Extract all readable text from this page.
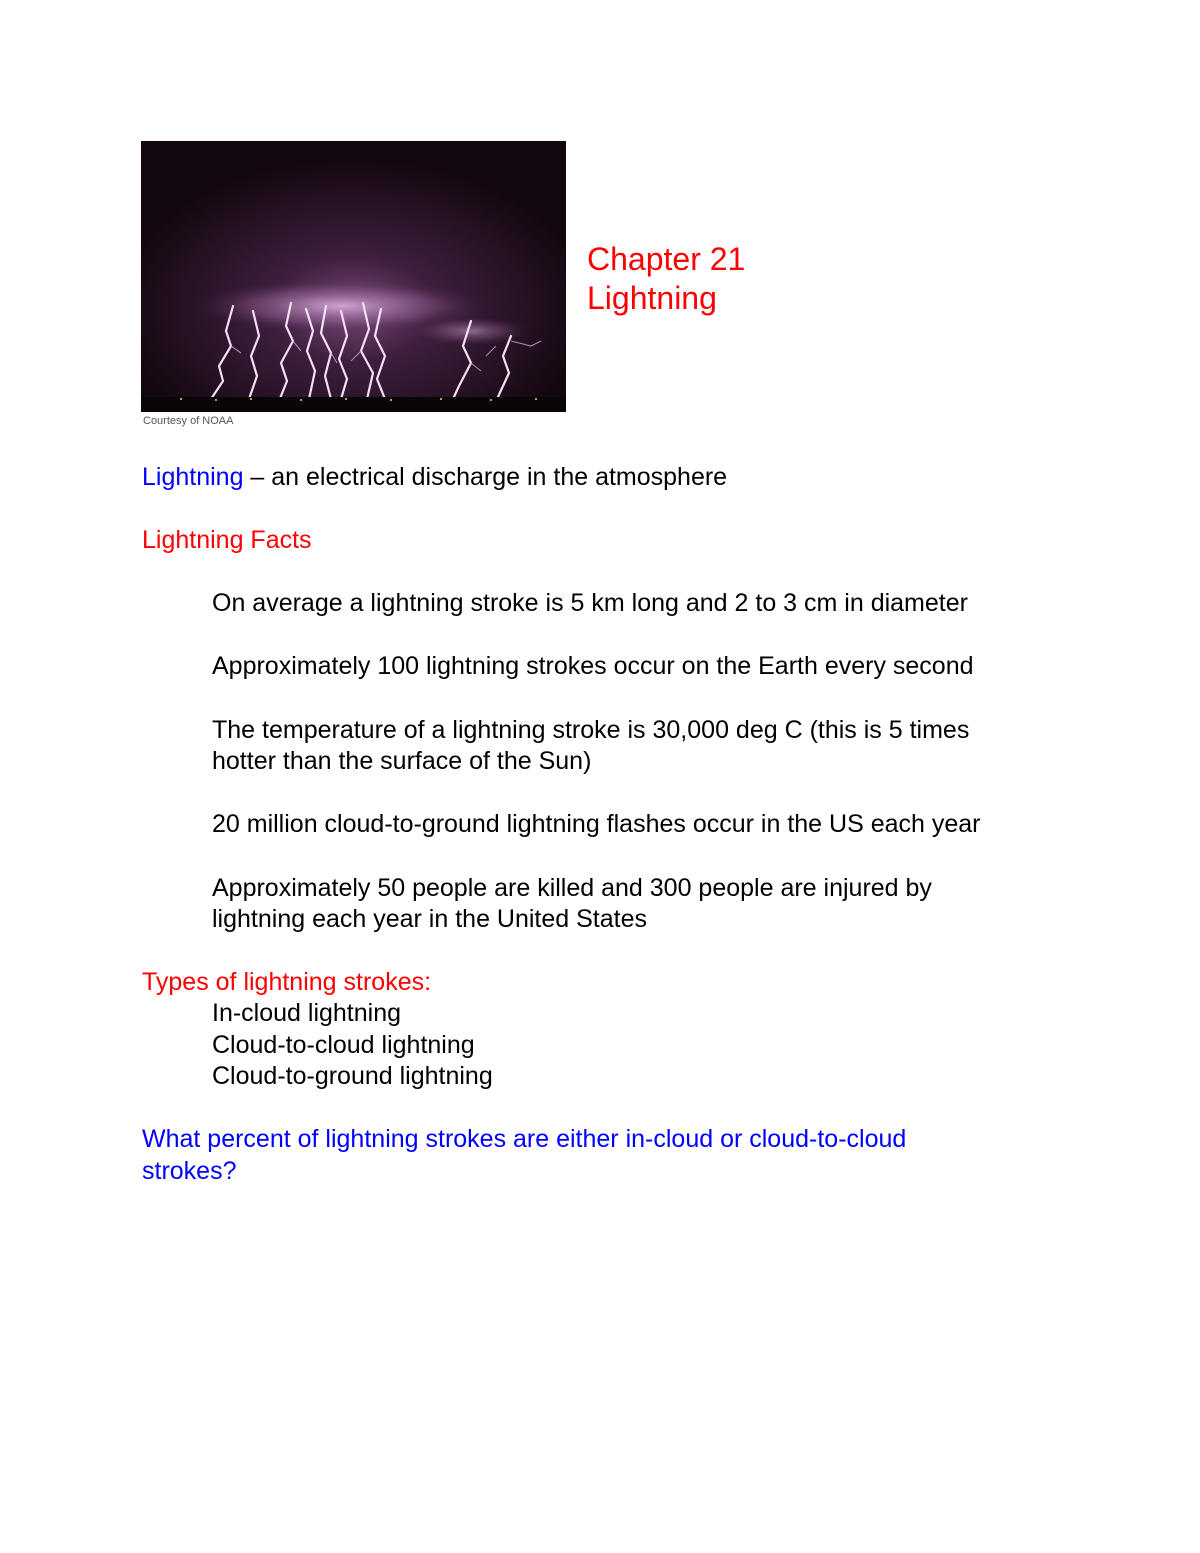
Courtesy of NOAA
Chapter 21
Lightning
Lightning – an electrical discharge in the atmosphere
Lightning Facts
On average a lightning stroke is 5 km long and 2 to 3 cm in diameter
Approximately 100 lightning strokes occur on the Earth every second
The temperature of a lightning stroke is 30,000 deg C (this is 5 times
hotter than the surface of the Sun)
20 million cloud-to-ground lightning flashes occur in the US each year
Approximately 50 people are killed and 300 people are injured by
lightning each year in the United States
Types of lightning strokes:
In-cloud lightning
Cloud-to-cloud lightning
Cloud-to-ground lightning
What percent of lightning strokes are either in-cloud or cloud-to-cloud
strokes?
